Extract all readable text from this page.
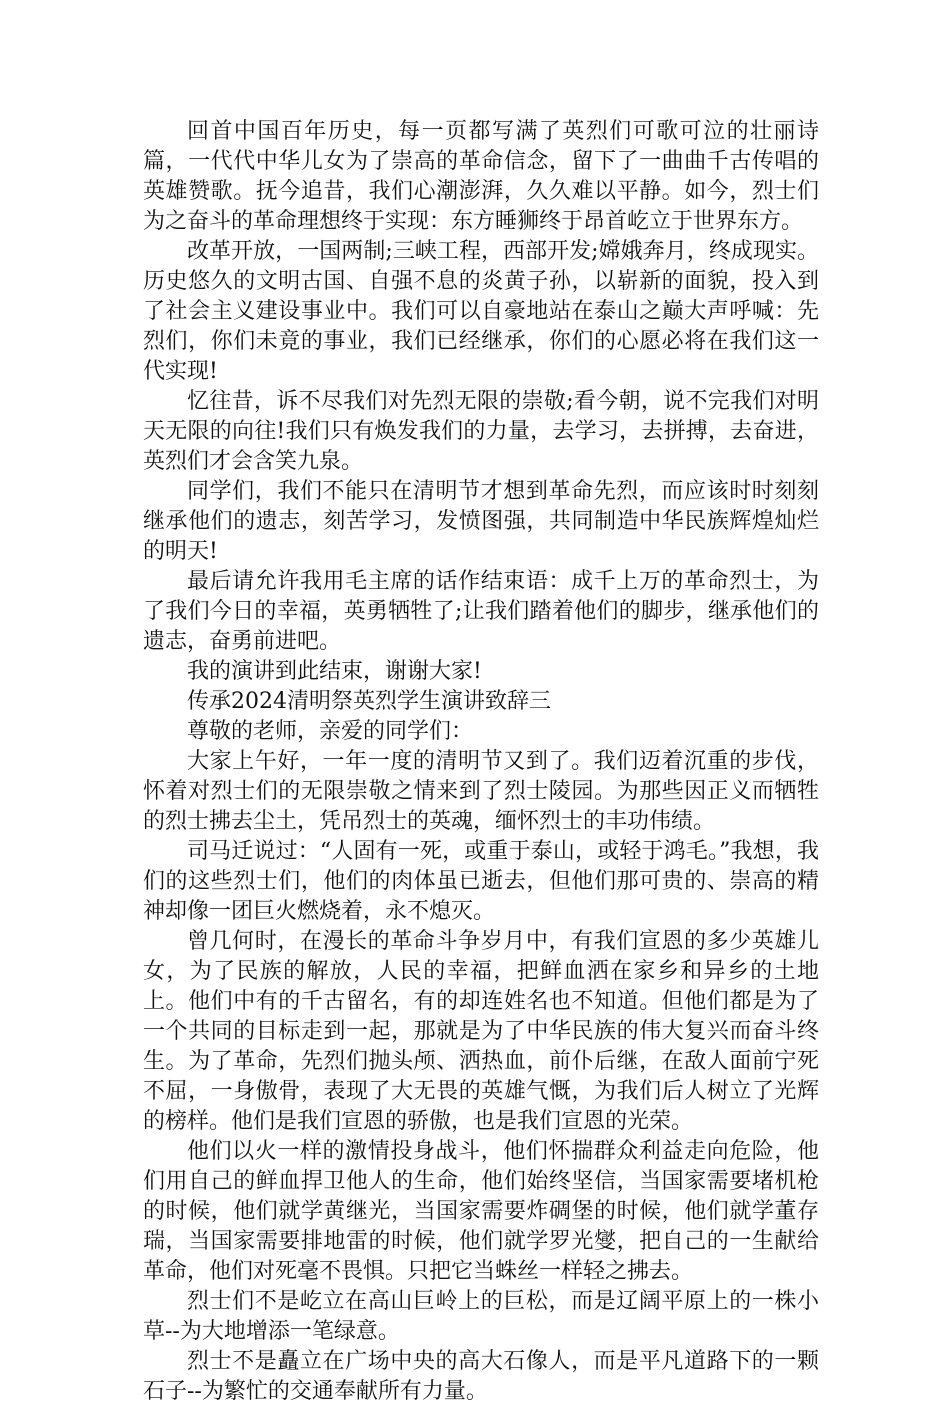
回首中国百年历史，每一页都写满了英烈们可歌可泣的壮丽诗篇，一代代中华儿女为了崇高的革命信念，留下了一曲曲千古传唱的英雄赞歌。抚今追昔，我们心潮澎湃，久久难以平静。如今，烈士们为之奋斗的革命理想终于实现：东方睡狮终于昂首屹立于世界东方。

改革开放，一国两制;三峡工程，西部开发;嫦娥奔月，终成现实。历史悠久的文明古国、自强不息的炎黄子孙，以崭新的面貌，投入到了社会主义建设事业中。我们可以自豪地站在泰山之巅大声呼喊：先烈们，你们未竟的事业，我们已经继承，你们的心愿必将在我们这一代实现!

忆往昔，诉不尽我们对先烈无限的崇敬;看今朝，说不完我们对明天无限的向往!我们只有焕发我们的力量，去学习，去拼搏，去奋进，英烈们才会含笑九泉。

同学们，我们不能只在清明节才想到革命先烈，而应该时时刻刻继承他们的遗志，刻苦学习，发愤图强，共同制造中华民族辉煌灿烂的明天!

最后请允许我用毛主席的话作结束语：成千上万的革命烈士，为了我们今日的幸福，英勇牺牲了;让我们踏着他们的脚步，继承他们的遗志，奋勇前进吧。

我的演讲到此结束，谢谢大家!

传承2024清明祭英烈学生演讲致辞三

尊敬的老师，亲爱的同学们：

大家上午好，一年一度的清明节又到了。我们迈着沉重的步伐，怀着对烈士们的无限崇敬之情来到了烈士陵园。为那些因正义而牺牲的烈士拂去尘土，凭吊烈士的英魂，缅怀烈士的丰功伟绩。

司马迁说过：“人固有一死，或重于泰山，或轻于鸿毛。”我想，我们的这些烈士们，他们的肉体虽已逝去，但他们那可贵的、崇高的精神却像一团巨火燃烧着，永不熄灭。

曾几何时，在漫长的革命斗争岁月中，有我们宣恩的多少英雄儿女，为了民族的解放，人民的幸福，把鲜血洒在家乡和异乡的土地上。他们中有的千古留名，有的却连姓名也不知道。但他们都是为了一个共同的目标走到一起，那就是为了中华民族的伟大复兴而奋斗终生。为了革命，先烈们抛头颅、洒热血，前仆后继，在敌人面前宁死不屈，一身傲骨，表现了大无畏的英雄气慨，为我们后人树立了光辉的榜样。他们是我们宣恩的骄傲，也是我们宣恩的光荣。

他们以火一样的激情投身战斗，他们怀揣群众利益走向危险，他们用自己的鲜血捍卫他人的生命，他们始终坚信，当国家需要堵机枪的时候，他们就学黄继光，当国家需要炸碉堡的时候，他们就学董存瑞，当国家需要排地雷的时候，他们就学罗光燮，把自己的一生献给革命，他们对死毫不畏惧。只把它当蛛丝一样轻之拂去。

烈士们不是屹立在高山巨岭上的巨松，而是辽阔平原上的一株小草--为大地增添一笔绿意。

烈士不是矗立在广场中央的高大石像人，而是平凡道路下的一颗石子--为繁忙的交通奉献所有力量。
